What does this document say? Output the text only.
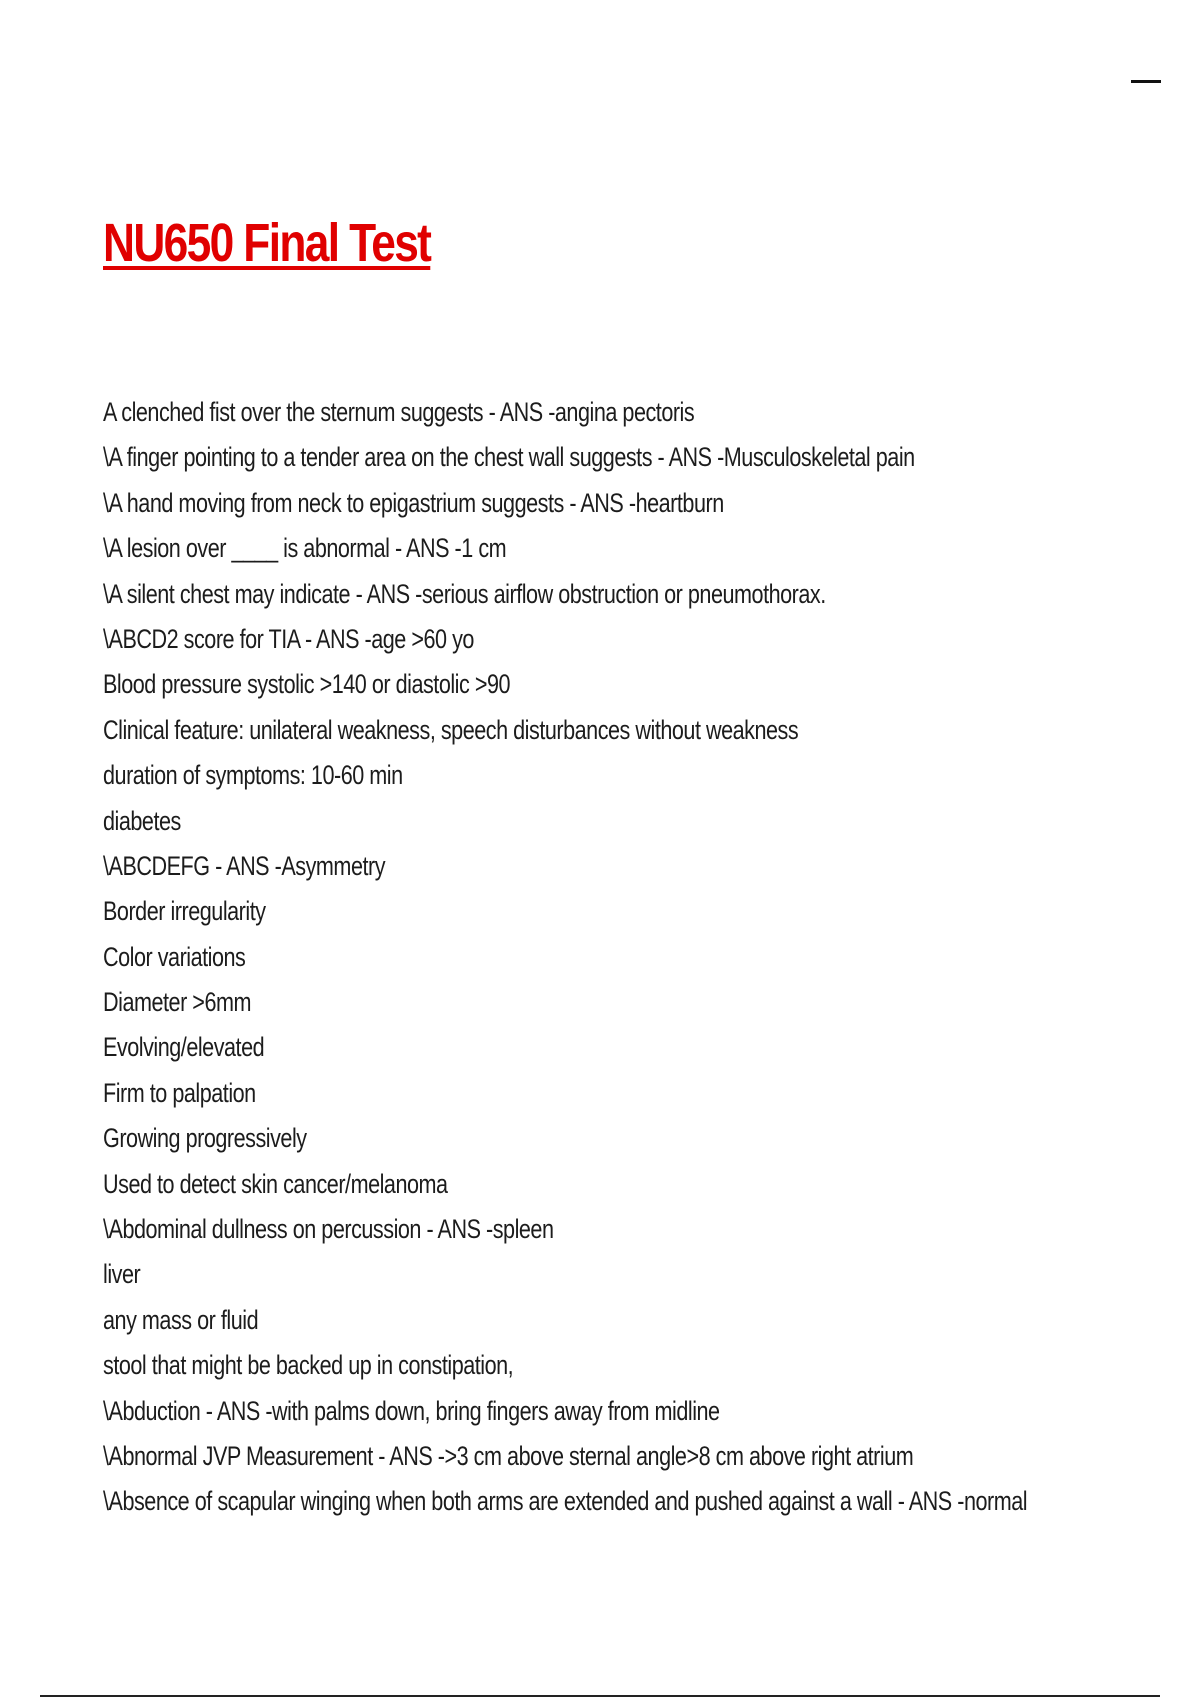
NU650 Final Test
A clenched fist over the sternum suggests - ANS -angina pectoris
\A finger pointing to a tender area on the chest wall suggests - ANS -Musculoskeletal pain
\A hand moving from neck to epigastrium suggests - ANS -heartburn
\A lesion over ____ is abnormal - ANS -1 cm
\A silent chest may indicate - ANS -serious airflow obstruction or pneumothorax.
\ABCD2 score for TIA - ANS -age >60 yo
Blood pressure systolic >140 or diastolic >90
Clinical feature: unilateral weakness, speech disturbances without weakness
duration of symptoms: 10-60 min
diabetes
\ABCDEFG - ANS -Asymmetry
Border irregularity
Color variations
Diameter >6mm
Evolving/elevated
Firm to palpation
Growing progressively
Used to detect skin cancer/melanoma
\Abdominal dullness on percussion - ANS -spleen
liver
any mass or fluid
stool that might be backed up in constipation,
\Abduction - ANS -with palms down, bring fingers away from midline
\Abnormal JVP Measurement - ANS ->3 cm above sternal angle>8 cm above right atrium
\Absence of scapular winging when both arms are extended and pushed against a wall - ANS -normal
